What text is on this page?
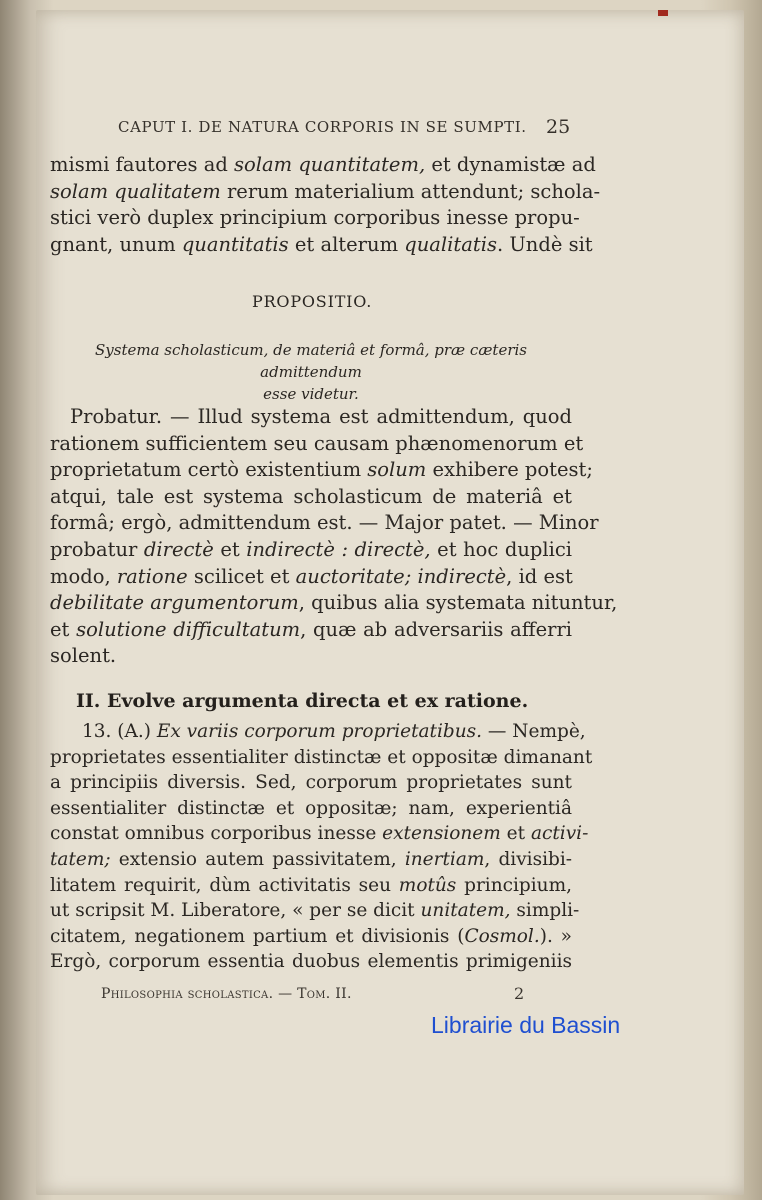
CAPUT I. DE NATURA CORPORIS IN SE SUMPTI. 25
mismi fautores ad solam quantitatem, et dynamistæ ad
solam qualitatem rerum materialium attendunt; schola-
stici verò duplex principium corporibus inesse propu-
gnant, unum quantitatis et alterum qualitatis. Undè sit
PROPOSITIO.
Systema scholasticum, de materiâ et formâ, præ cæteris admittendum
esse videtur.
Probatur. — Illud systema est admittendum, quod
rationem sufficientem seu causam phænomenorum et
proprietatum certò existentium solum exhibere potest;
atqui, tale est systema scholasticum de materiâ et
formâ; ergò, admittendum est. — Major patet. — Minor
probatur directè et indirectè : directè, et hoc duplici
modo, ratione scilicet et auctoritate; indirectè, id est
debilitate argumentorum, quibus alia systemata nituntur,
et solutione difficultatum, quæ ab adversariis afferri
solent.
II. Evolve argumenta directa et ex ratione.
13. (A.) Ex variis corporum proprietatibus. — Nempè,
proprietates essentialiter distinctæ et oppositæ dimanant
a principiis diversis. Sed, corporum proprietates sunt
essentialiter distinctæ et oppositæ; nam, experientiâ
constat omnibus corporibus inesse extensionem et activi-
tatem; extensio autem passivitatem, inertiam, divisibi-
litatem requirit, dùm activitatis seu motûs principium,
ut scripsit M. Liberatore, « per se dicit unitatem, simpli-
citatem, negationem partium et divisionis (Cosmol.). »
Ergò, corporum essentia duobus elementis primigeniis
Philosophia scholastica. — Tom. II.	2
Librairie du Bassin
